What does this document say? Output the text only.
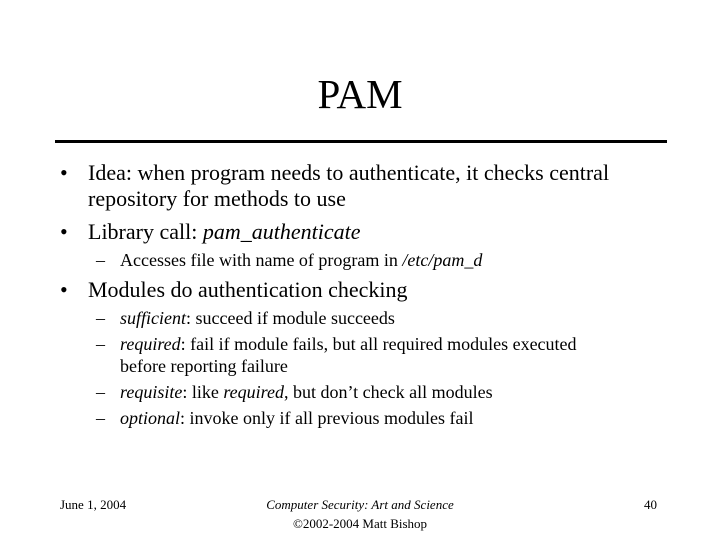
PAM
• Idea: when program needs to authenticate, it checks central
repository for methods to use
• Library call: pam_authenticate
– Accesses file with name of program in /etc/pam_d
• Modules do authentication checking
– sufficient: succeed if module succeeds
– required: fail if module fails, but all required modules executed
before reporting failure
– requisite: like required, but don’t check all modules
– optional: invoke only if all previous modules fail
June 1, 2004	Computer Security: Art and Science
©2002-2004 Matt Bishop
40
